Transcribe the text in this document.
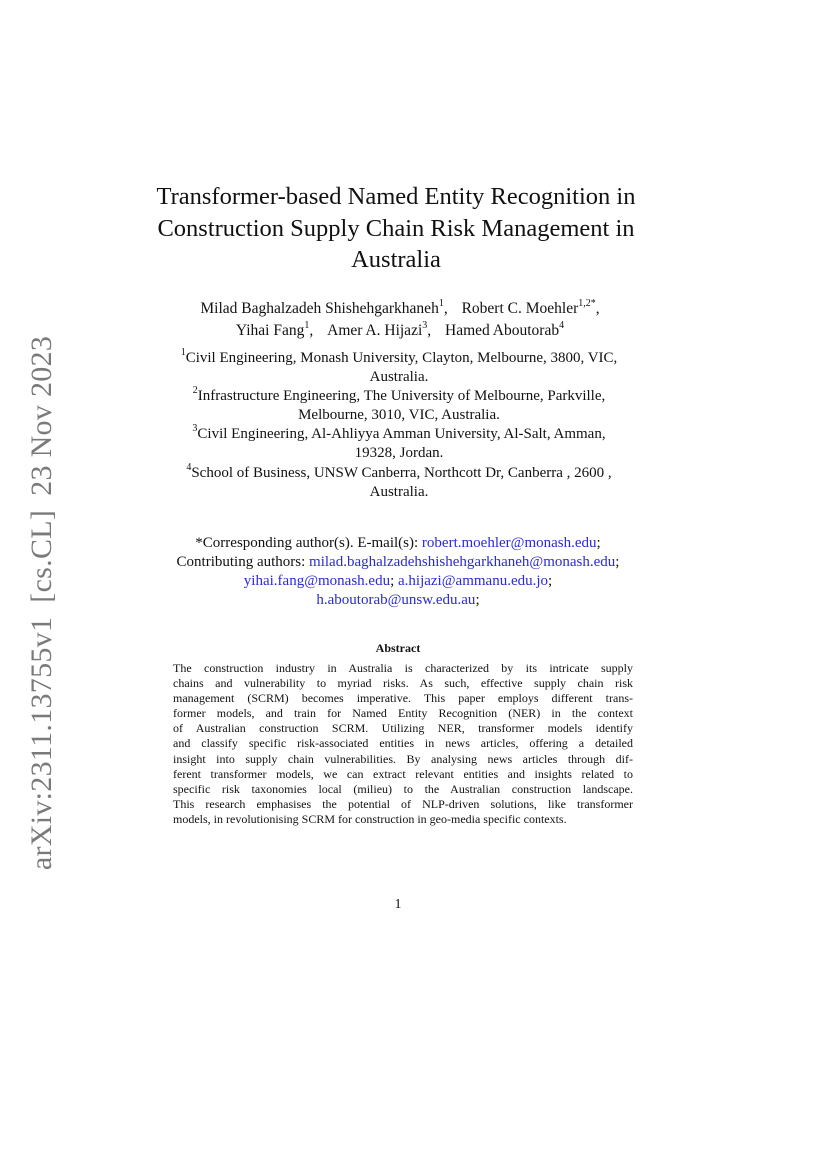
arXiv:2311.13755v1[cs.CL]23 Nov 2023
Transformer-based Named Entity Recognition in
Construction Supply Chain Risk Management in
Australia
Milad Baghalzadeh Shishehgarkhaneh$^1$, Robert C. Moehler$^{1,2*}$,
Yihai Fang$^1$, Amer A. Hijazi$^3$, Hamed Aboutorab$^4$
$^1$Civil Engineering, Monash University, Clayton, Melbourne, 3800, VIC,
Australia.
$^2$Infrastructure Engineering, The University of Melbourne, Parkville,
Melbourne, 3010, VIC, Australia.
$^3$Civil Engineering, Al-Ahliyya Amman University, Al-Salt, Amman,
19328, Jordan.
$^4$School of Business, UNSW Canberra, Northcott Dr, Canberra , 2600 ,
Australia.

*Corresponding author(s). E-mail(s): robert.moehler@monash.edu;

Contributing authors: milad.baghalzadehshishehgarkhaneh@monash.edu;

yihai.fang@monash.edu; a.hijazi@ammanu.edu.jo;

h.aboutorab@unsw.edu.au;

Abstract
The construction industry in Australia is characterized by its intricate supply
chains and vulnerability to myriad risks. As such, effective supply chain risk
management (SCRM) becomes imperative. This paper employs different trans-
former models, and train for Named Entity Recognition (NER) in the context
of Australian construction SCRM. Utilizing NER, transformer models identify
and classify specific risk-associated entities in news articles, offering a detailed
insight into supply chain vulnerabilities. By analysing news articles through dif-
ferent transformer models, we can extract relevant entities and insights related to
specific risk taxonomies local (milieu) to the Australian construction landscape.
This research emphasises the potential of NLP-driven solutions, like transformer
models, in revolutionising SCRM for construction in geo-media specific contexts.
1
